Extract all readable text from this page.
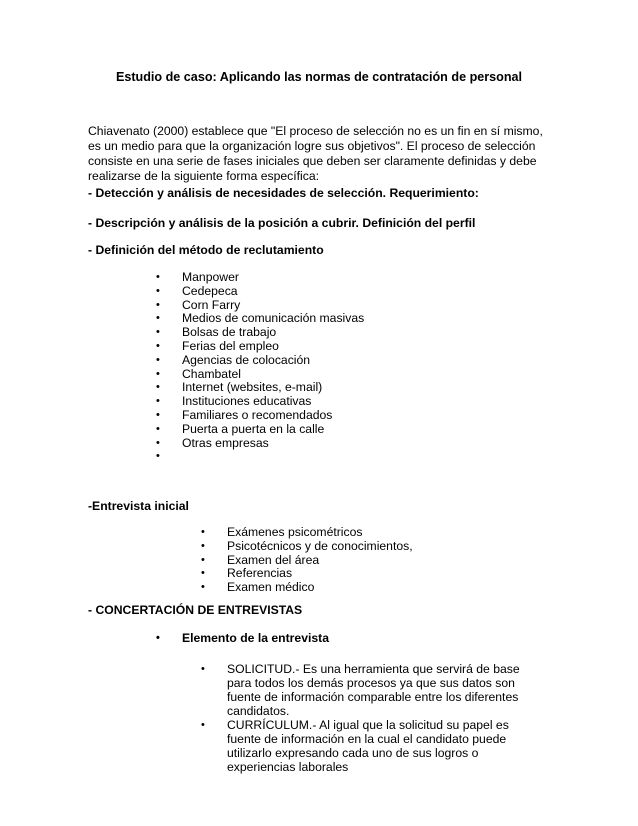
Estudio de caso: Aplicando las normas de contratación de personal

Chiavenato (2000) establece que "El proceso de selección no es un fin en sí mismo, es un medio para que la organización logre sus objetivos". El proceso de selección consiste en una serie de fases iniciales que deben ser claramente definidas y debe realizarse de la siguiente forma específica:

- Detección y análisis de necesidades de selección. Requerimiento:

- Descripción y análisis de la posición a cubrir. Definición del perfil

- Definición del método de reclutamiento

• Manpower
• Cedepeca
• Corn Farry
• Medios de comunicación masivas
• Bolsas de trabajo
• Ferias del empleo
• Agencias de colocación
• Chambatel
• Internet (websites, e-mail)
• Instituciones educativas
• Familiares o recomendados
• Puerta a puerta en la calle
• Otras empresas
•

-Entrevista inicial

• Exámenes psicométricos
• Psicotécnicos y de conocimientos,
• Examen del área
• Referencias
• Examen médico

- CONCERTACIÓN DE ENTREVISTAS

• Elemento de la entrevista
• SOLICITUD.- Es una herramienta que servirá de base para todos los demás procesos ya que sus datos son fuente de información comparable entre los diferentes candidatos.
• CURRÍCULUM.- Al igual que la solicitud su papel es fuente de información en la cual el candidato puede utilizarlo expresando cada uno de sus logros o experiencias laborales
